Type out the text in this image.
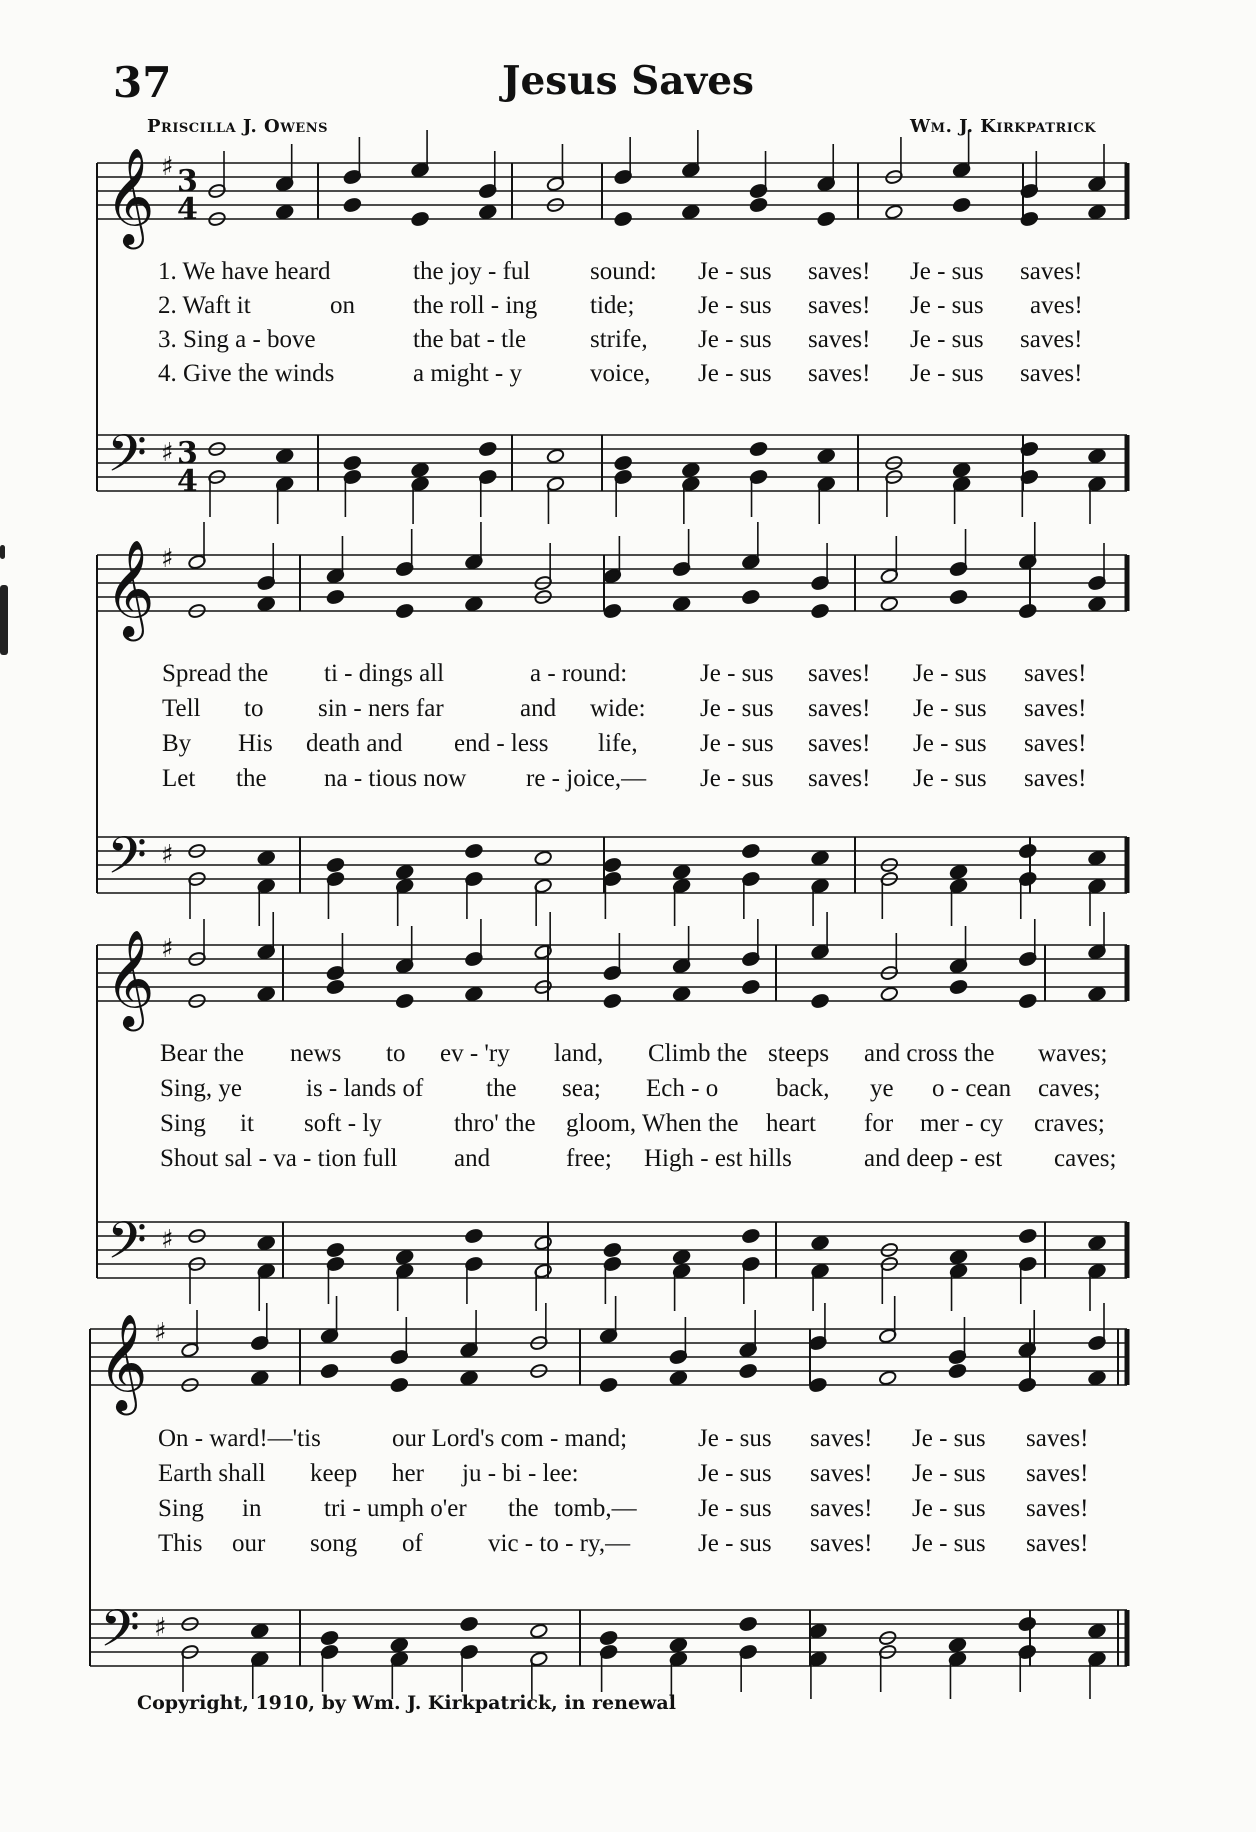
𝄞
𝄢
♯
♯
3
4
3
4
𝄞
𝄢
♯
♯
𝄞
𝄢
♯
♯
𝄞
𝄢
♯
♯
37	Jesus Saves
Priscilla J. Owens	Wm. J. Kirkpatrick
1. We have heard	the joy - ful sound: Je - sus saves! Je - sus saves!
2. Waft it	on the roll - ing tide;	Je - sus saves! Je - sus aves!
3. Sing a - bove	the bat - tle	strife, Je - sus saves! Je - sus saves!
4. Give the winds	a might - y	voice, Je - sus saves! Je - sus saves!
Spread the ti - dings all	a - round:	Je - sus saves! Je - sus saves!
Tell to sin - ners far	and wide: Je - sus saves! Je - sus saves!
By His death and end - less life, Je - sus saves! Je - sus saves!
Let the na - tious now re - joice,— Je - sus saves! Je - sus saves!
Bear the news to ev - 'ry land, Climb the steeps and cross the waves;
Sing, ye	is - lands of	the sea; Ech - o back, ye o - cean caves;
Sing it soft - ly	thro' the gloom, When the heart for mer - cy craves;
Shout sal - va - tion full and	free; High - est hills	and deep - est caves;
On - ward!—'tis	our Lord's com - mand;	Je - sus saves! Je - sus saves!
Earth shall keep her ju - bi - lee:	Je - sus saves! Je - sus saves!
Sing in	tri - umph o'er the tomb,— Je - sus saves! Je - sus saves!
This our song of	vic - to - ry,—	Je - sus saves! Je - sus saves!
Copyright, 1910, by Wm. J. Kirkpatrick, in renewal
